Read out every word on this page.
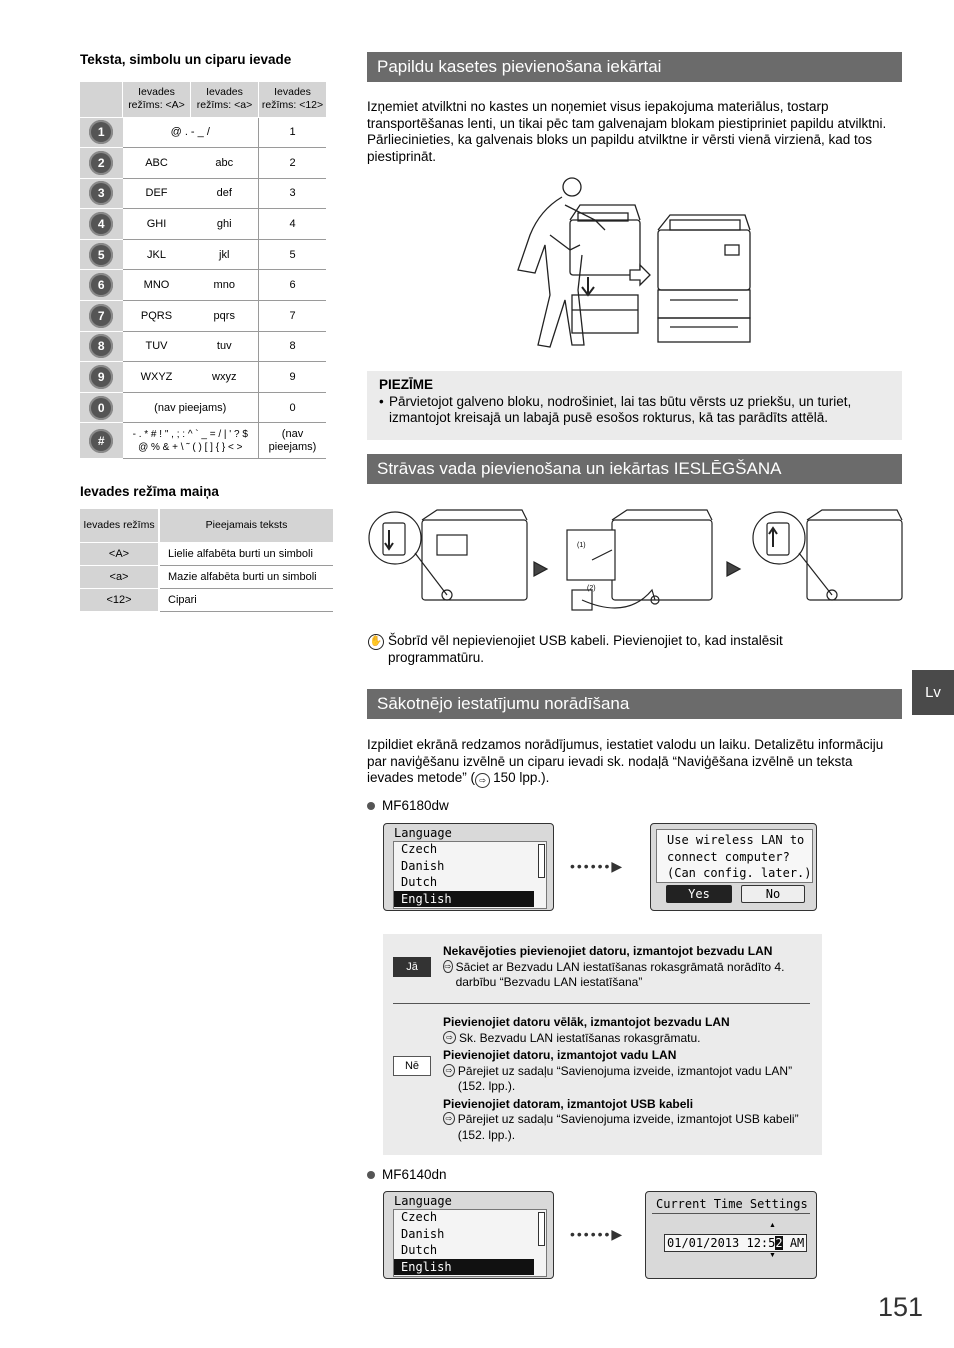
Teksta, simbolu un ciparu ievade
	Ievades režīms: <A>	Ievades režīms: <a>	Ievades režīms: <12>
1	@ . - _ /		1
2	ABC	abc	2
3	DEF	def	3
4	GHI	ghi	4
5	JKL	jkl	5
6	MNO	mno	6
7	PQRS	pqrs	7
8	TUV	tuv	8
9	WXYZ	wxyz	9
0	(nav pieejams)		0
#	- . * # ! " , ; : ^ ` _ = / | ' ? $ @ % & + \ ˜ ( ) [ ] { } < >		(nav pieejams)
Ievades režīma maiņa
Ievades režīms	Pieejamais teksts
<A>	Lielie alfabēta burti un simboli
<a>	Mazie alfabēta burti un simboli
<12>	Cipari
Papildu kasetes pievienošana iekārtai
Izņemiet atvilktni no kastes un noņemiet visus iepakojuma materiālus, tostarp transportēšanas lenti, un tikai pēc tam galvenajam blokam piestipriniet papildu atvilktni. Pārliecinieties, ka galvenais bloks un papildu atvilktne ir vērsti vienā virzienā, kad tos piestiprināt.
PIEZĪME
• Pārvietojot galveno bloku, nodrošiniet, lai tas būtu vērsts uz priekšu, un turiet, izmantojot kreisajā un labajā pusē esošos rokturus, kā tas parādīts attēlā.
Strāvas vada pievienošana un iekārtas IESLĒGŠANA
(1)
(2)
✋ Šobrīd vēl nepievienojiet USB kabeli. Pievienojiet to, kad instalēsit programmatūru.
Sākotnējo iestatījumu norādīšana
Izpildiet ekrānā redzamos norādījumus, iestatiet valodu un laiku. Detalizētu informāciju par naviģēšanu izvēlnē un ciparu ievadi sk. nodaļā “Naviģēšana izvēlnē un teksta ievades metode” ( ⇨ 150 lpp.).
MF6180dw
Language
Czech
Danish
Dutch
English
••••••▶
Use wireless LAN to
connect computer?
(Can config. later.)
Yes	No
Jā
Nekavējoties pievienojiet datoru, izmantojot bezvadu LAN
⇨ Sāciet ar Bezvadu LAN iestatīšanas rokasgrāmatā norādīto 4. darbību “Bezvadu LAN iestatīšana”
Nē
Pievienojiet datoru vēlāk, izmantojot bezvadu LAN
⇨ Sk. Bezvadu LAN iestatīšanas rokasgrāmatu.
Pievienojiet datoru, izmantojot vadu LAN
⇨ Pārejiet uz sadaļu “Savienojuma izveide, izmantojot vadu LAN” (152. lpp.).
Pievienojiet datoram, izmantojot USB kabeli
⇨ Pārejiet uz sadaļu “Savienojuma izveide, izmantojot USB kabeli” (152. lpp.).
MF6140dn
Language
Czech
Danish
Dutch
English
••••••▶
Current Time Settings
▲
01/01/2013 12:52 AM
▼
Lv
151
